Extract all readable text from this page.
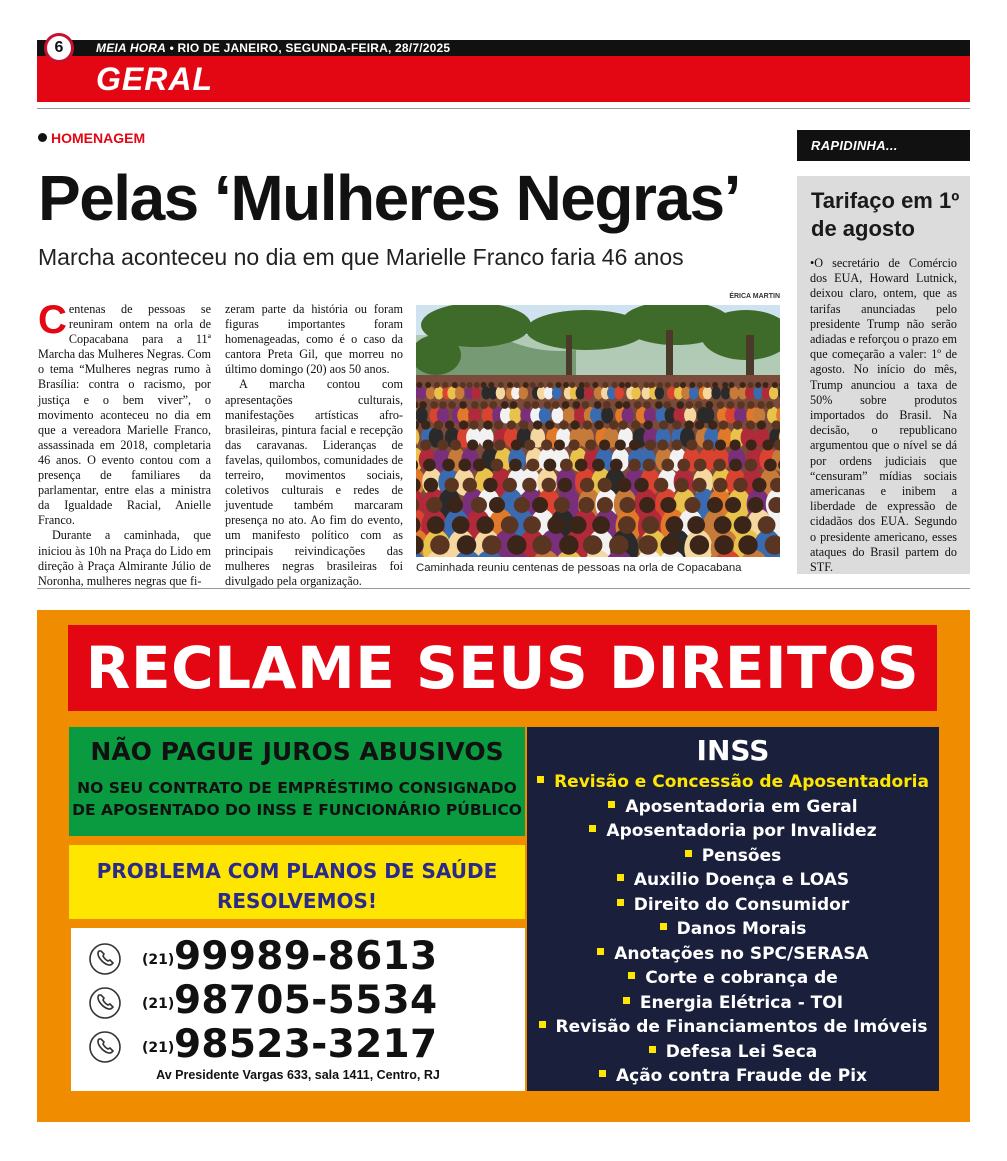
6	MEIA HORA • RIO DE JANEIRO, SEGUNDA-FEIRA, 28/7/2025
GERAL
HOMENAGEM
Pelas ‘Mulheres Negras’
Marcha aconteceu no dia em que Marielle Franco faria 46 anos

Centenas de pessoas se reuniram ontem na orla de Copacabana para a 11ª Marcha das Mulheres Negras. Com o tema “Mulheres negras rumo à Brasília: contra o racismo, por justiça e o bem viver”, o movimento aconteceu no dia em que a vereadora Marielle Franco, assassinada em 2018, completaria 46 anos. O evento contou com a presença de familiares da parlamentar, entre elas a ministra da Igualdade Racial, Anielle Franco.

Durante a caminhada, que iniciou às 10h na Praça do Lido em direção à Praça Almirante Júlio de Noronha, mulheres negras que fi-

zeram parte da história ou foram figuras importantes foram homenageadas, como é o caso da cantora Preta Gil, que morreu no último domingo (20) aos 50 anos.

A marcha contou com apresentações culturais, manifestações artísticas afro-brasileiras, pintura facial e recepção das caravanas. Lideranças de favelas, quilombos, comunidades de terreiro, movimentos sociais, coletivos culturais e redes de juventude também marcaram presença no ato. Ao fim do evento, um manifesto político com as principais reivindicações das mulheres negras brasileiras foi divulgado pela organização.

ÉRICA MARTIN
Caminhada reuniu centenas de pessoas na orla de Copacabana
RAPIDINHA...
Tarifaço em 1º de agosto
•O secretário de Comércio dos EUA, Howard Lutnick, deixou claro, ontem, que as tarifas anunciadas pelo presidente Trump não serão adiadas e reforçou o prazo em que começarão a valer: 1º de agosto. No início do mês, Trump anunciou a taxa de 50% sobre produtos importados do Brasil. Na decisão, o republicano argumentou que o nível se dá por ordens judiciais que “censuram” mídias sociais americanas e inibem a liberdade de expressão de cidadãos dos EUA. Segundo o presidente americano, esses ataques do Brasil partem do STF.
RECLAME SEUS DIREITOS
NÃO PAGUE JUROS ABUSIVOS
NO SEU CONTRATO DE EMPRÉSTIMO CONSIGNADO
DE APOSENTADO DO INSS E FUNCIONÁRIO PÚBLICO
PROBLEMA COM PLANOS DE SAÚDE
RESOLVEMOS!
(21) 99989-8613
(21) 98705-5534
(21) 98523-3217
Av Presidente Vargas 633, sala 1411, Centro, RJ
INSS
Revisão e Concessão de Aposentadoria
Aposentadoria em Geral
Aposentadoria por Invalidez
Pensões
Auxilio Doença e LOAS
Direito do Consumidor
Danos Morais
Anotações no SPC/SERASA
Corte e cobrança de
Energia Elétrica - TOI
Revisão de Financiamentos de Imóveis
Defesa Lei Seca
Ação contra Fraude de Pix
